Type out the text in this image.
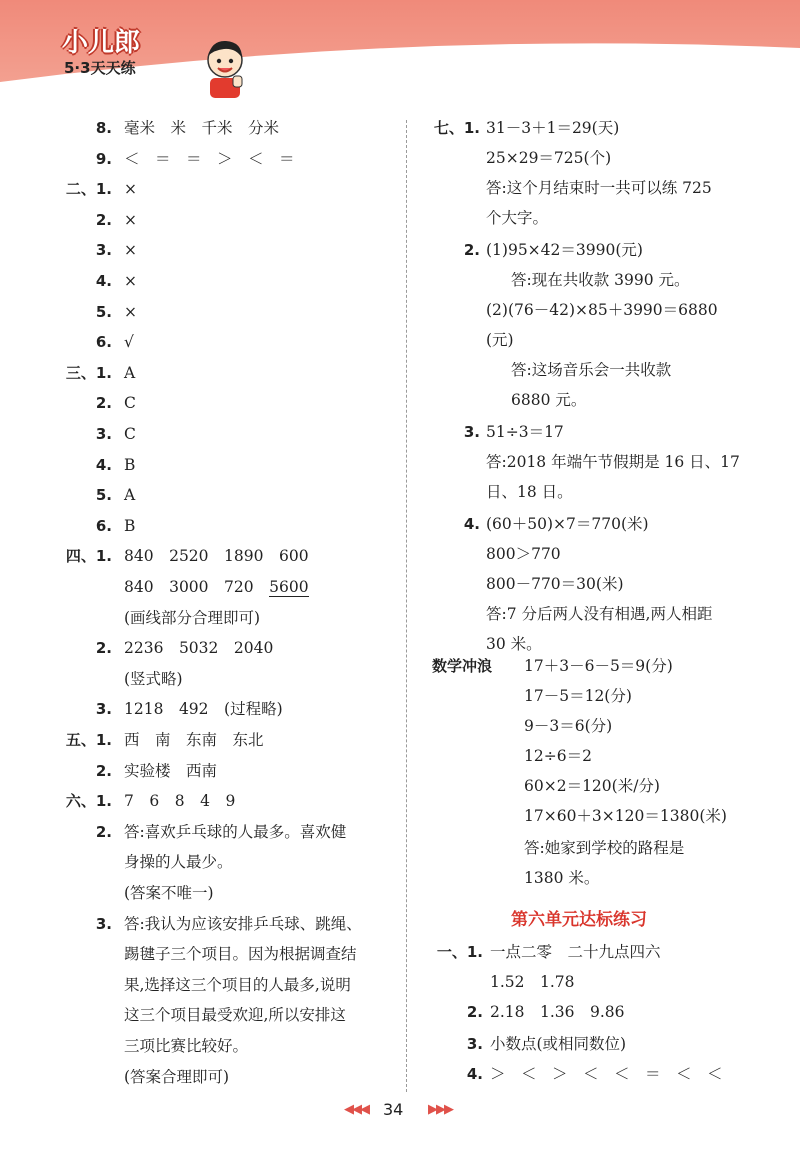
小儿郎
5·3天天练
8. 毫米　米　千米　分米
9. ＜　＝　＝　＞　＜　＝
二、1. ×
2. ×
3. ×
4. ×
5. ×
6. √
三、1. A
2. C
3. C
4. B
5. A
6. B
四、1. 840　2520　1890　600
840　3000　720　5600
(画线部分合理即可)
2. 2236　5032　2040
(竖式略)
3. 1218　492　(过程略)
五、1. 西　南　东南　东北
2. 实验楼　西南
六、1. 7　6　8　4　9
2. 答:喜欢乒乓球的人最多。喜欢健
身操的人最少。
(答案不唯一)
3. 答:我认为应该安排乒乓球、跳绳、
踢毽子三个项目。因为根据调查结
果,选择这三个项目的人最多,说明
这三个项目最受欢迎,所以安排这
三项比赛比较好。
(答案合理即可)
七、1. 31－3＋1＝29(天)
25×29＝725(个)
答:这个月结束时一共可以练 725
个大字。
2. (1)95×42＝3990(元)
答:现在共收款 3990 元。
(2)(76－42)×85＋3990＝6880
(元)
答:这场音乐会一共收款
6880 元。
3. 51÷3＝17
答:2018 年端午节假期是 16 日、17
日、18 日。
4. (60＋50)×7＝770(米)
800＞770
800－770＝30(米)
答:7 分后两人没有相遇,两人相距
30 米。
数学冲浪 17＋3－6－5＝9(分)
17－5＝12(分)
9－3＝6(分)
12÷6＝2
60×2＝120(米/分)
17×60＋3×120＝1380(米)
答:她家到学校的路程是
1380 米。
第六单元达标练习
一、1. 一点二零　二十九点四六
1.52　1.78
2. 2.18　1.36　9.86
3. 小数点(或相同数位)
4. ＞　＜　＞　＜　＜　＝　＜　＜
◀◀◀ 34 ▶▶▶
